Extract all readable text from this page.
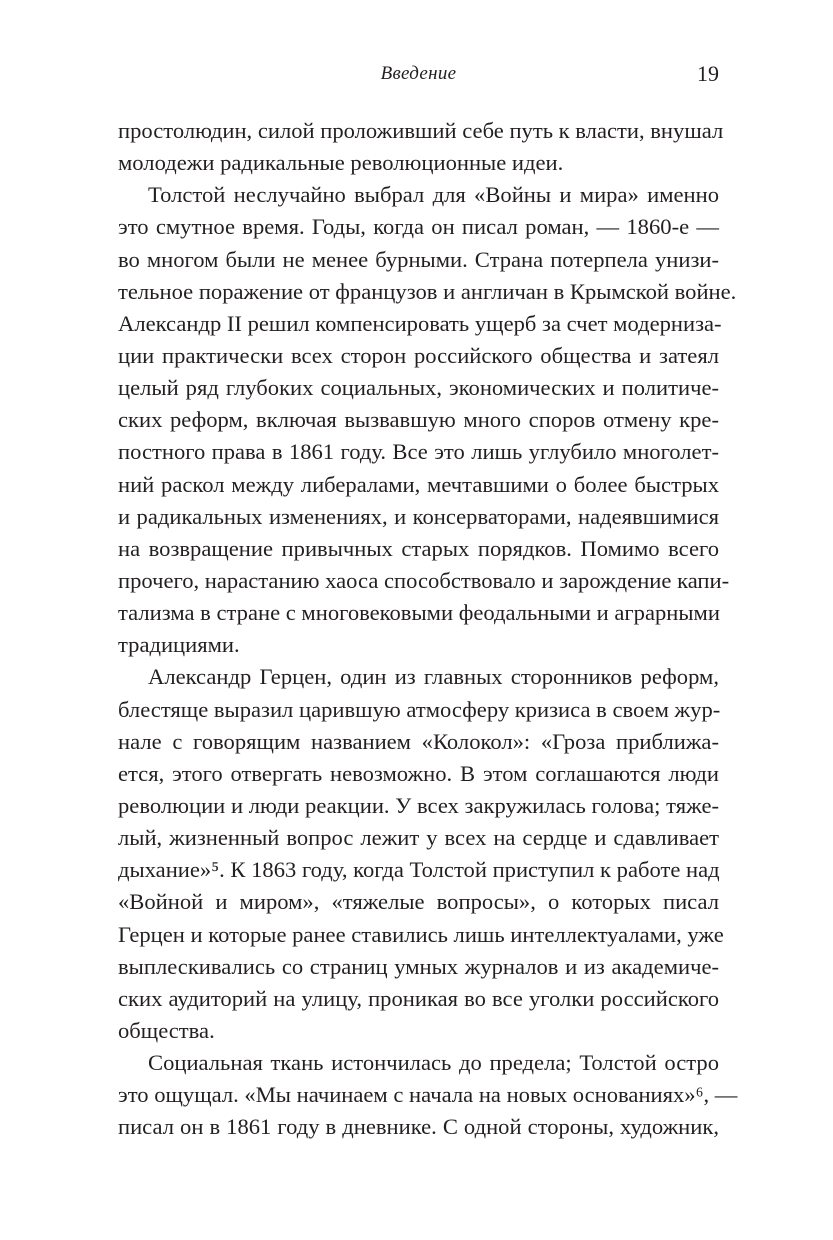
Введение	19
простолюдин, силой проложивший себе путь к власти, внушал
молодежи радикальные революционные идеи.
Толстой неслучайно выбрал для «Войны и мира» именно
это смутное время. Годы, когда он писал роман, — 1860-е —
во многом были не менее бурными. Страна потерпела унизи-
тельное поражение от французов и англичан в Крымской войне.
Александр II решил компенсировать ущерб за счет модерниза-
ции практически всех сторон российского общества и затеял
целый ряд глубоких социальных, экономических и политиче-
ских реформ, включая вызвавшую много споров отмену кре-
постного права в 1861 году. Все это лишь углубило многолет-
ний раскол между либералами, мечтавшими о более быстрых
и радикальных изменениях, и консерваторами, надеявшимися
на возвращение привычных старых порядков. Помимо всего
прочего, нарастанию хаоса способствовало и зарождение капи-
тализма в стране с многовековыми феодальными и аграрными
традициями.
Александр Герцен, один из главных сторонников реформ,
блестяще выразил царившую атмосферу кризиса в своем жур-
нале с говорящим названием «Колокол»: «Гроза приближа-
ется, этого отвергать невозможно. В этом соглашаются люди
революции и люди реакции. У всех закружилась голова; тяже-
лый, жизненный вопрос лежит у всех на сердце и сдавливает
дыхание»⁵. К 1863 году, когда Толстой приступил к работе над
«Войной и миром», «тяжелые вопросы», о которых писал
Герцен и которые ранее ставились лишь интеллектуалами, уже
выплескивались со страниц умных журналов и из академиче-
ских аудиторий на улицу, проникая во все уголки российского
общества.
Социальная ткань истончилась до предела; Толстой остро
это ощущал. «Мы начинаем с начала на новых основаниях»⁶, —
писал он в 1861 году в дневнике. С одной стороны, художник,
